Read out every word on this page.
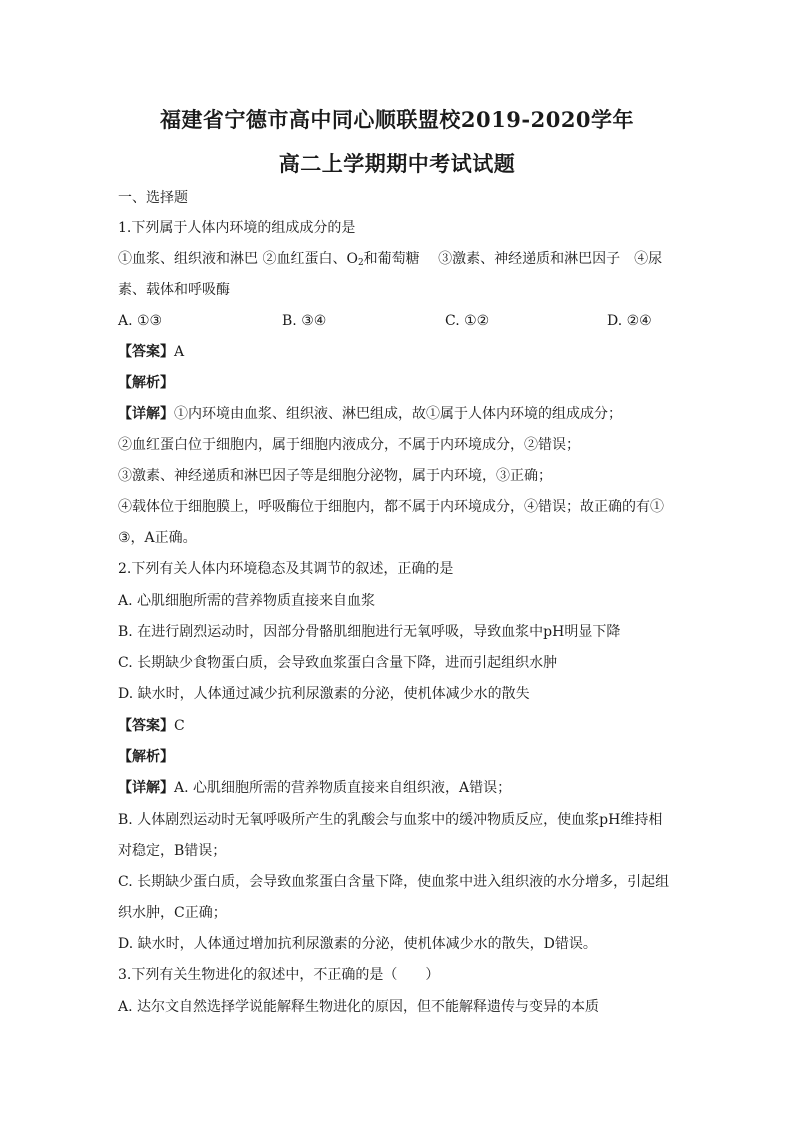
福建省宁德市高中同心顺联盟校2019-2020学年
高二上学期期中考试试题
一、选择题
1.下列属于人体内环境的组成成分的是
①血浆、组织液和淋巴 ②血红蛋白、$O_2$和葡萄糖　 ③激素、神经递质和淋巴因子　④尿
素、载体和呼吸酶
A. ①③	B. ③④	C. ①②	D. ②④
【答案】A
【解析】
【详解】①内环境由血浆、组织液、淋巴组成，故①属于人体内环境的组成成分；
②血红蛋白位于细胞内，属于细胞内液成分，不属于内环境成分，②错误；
③激素、神经递质和淋巴因子等是细胞分泌物，属于内环境，③正确；
④载体位于细胞膜上，呼吸酶位于细胞内，都不属于内环境成分，④错误；故正确的有①
③，A正确。
2.下列有关人体内环境稳态及其调节的叙述，正确的是
A. 心肌细胞所需的营养物质直接来自血浆
B. 在进行剧烈运动时，因部分骨骼肌细胞进行无氧呼吸，导致血浆中pH明显下降
C. 长期缺少食物蛋白质，会导致血浆蛋白含量下降，进而引起组织水肿
D. 缺水时，人体通过减少抗利尿激素的分泌，使机体减少水的散失
【答案】C
【解析】
【详解】A. 心肌细胞所需的营养物质直接来自组织液，A错误；
B. 人体剧烈运动时无氧呼吸所产生的乳酸会与血浆中的缓冲物质反应，使血浆pH维持相
对稳定，B错误；
C. 长期缺少蛋白质，会导致血浆蛋白含量下降，使血浆中进入组织液的水分增多，引起组
织水肿，C正确；
D. 缺水时，人体通过增加抗利尿激素的分泌，使机体减少水的散失，D错误。
3.下列有关生物进化的叙述中，不正确的是（　　）
A. 达尔文自然选择学说能解释生物进化的原因，但不能解释遗传与变异的本质
